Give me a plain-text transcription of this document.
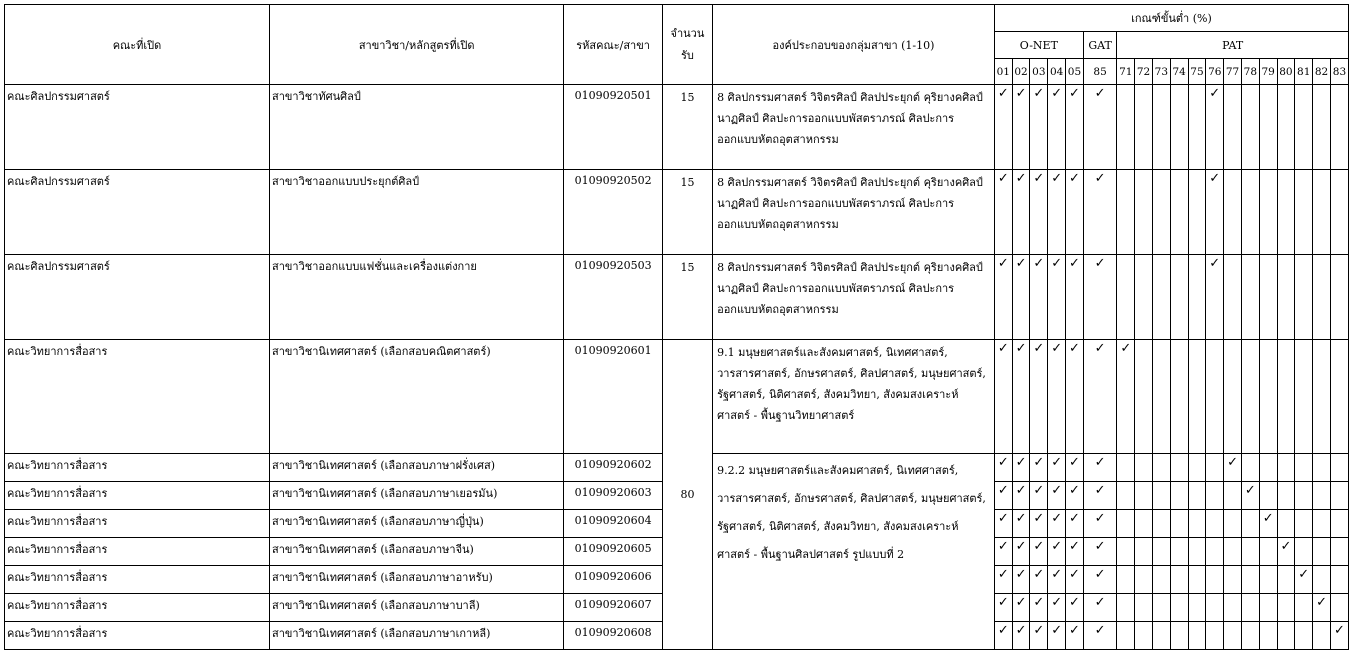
คณะที่เปิด	สาขาวิชา/หลักสูตรที่เปิด	รหัสคณะ/สาขา	จำนวน รับ	องค์ประกอบของกลุ่มสาขา (1-10)	เกณฑ์ขั้นต่ำ (%)																		
					O-NET					GAT	PAT												
					01	02	03	04	05	85	71	72	73	74	75	76	77	78	79	80	81	82	83
คณะศิลปกรรมศาสตร์	สาขาวิชาทัศนศิลป์	01090920501	15	8 ศิลปกรรมศาสตร์ วิจิตรศิลป์ ศิลปประยุกต์ คุริยางคศิลป์ นาฏศิลป์ ศิลปะการออกแบบพัสตราภรณ์ ศิลปะการออกแบบหัตถอุตสาหกรรม	✓	✓	✓	✓	✓	✓						✓							
คณะศิลปกรรมศาสตร์	สาขาวิชาออกแบบประยุกต์ศิลป์	01090920502	15	8 ศิลปกรรมศาสตร์ วิจิตรศิลป์ ศิลปประยุกต์ คุริยางคศิลป์ นาฏศิลป์ ศิลปะการออกแบบพัสตราภรณ์ ศิลปะการออกแบบหัตถอุตสาหกรรม	✓	✓	✓	✓	✓	✓						✓							
คณะศิลปกรรมศาสตร์	สาขาวิชาออกแบบแฟชั่นและเครื่องแต่งกาย	01090920503	15	8 ศิลปกรรมศาสตร์ วิจิตรศิลป์ ศิลปประยุกต์ คุริยางคศิลป์ นาฏศิลป์ ศิลปะการออกแบบพัสตราภรณ์ ศิลปะการออกแบบหัตถอุตสาหกรรม	✓	✓	✓	✓	✓	✓						✓							
คณะวิทยาการสื่อสาร	สาขาวิชานิเทศศาสตร์ (เลือกสอบคณิตศาสตร์)	01090920601	80	9.1 มนุษยศาสตร์และสังคมศาสตร์, นิเทศศาสตร์, วารสารศาสตร์, อักษรศาสตร์, ศิลปศาสตร์, มนุษยศาสตร์, รัฐศาสตร์, นิติศาสตร์, สังคมวิทยา, สังคมสงเคราะห์ศาสตร์ - พื้นฐานวิทยาศาสตร์	✓	✓	✓	✓	✓	✓	✓												
คณะวิทยาการสื่อสาร	สาขาวิชานิเทศศาสตร์ (เลือกสอบภาษาฝรั่งเศส)	01090920602		9.2.2 มนุษยศาสตร์และสังคมศาสตร์, นิเทศศาสตร์, วารสารศาสตร์, อักษรศาสตร์, ศิลปศาสตร์, มนุษยศาสตร์, รัฐศาสตร์, นิติศาสตร์, สังคมวิทยา, สังคมสงเคราะห์ศาสตร์ - พื้นฐานศิลปศาสตร์ รูปแบบที่ 2	✓	✓	✓	✓	✓	✓							✓						
คณะวิทยาการสื่อสาร	สาขาวิชานิเทศศาสตร์ (เลือกสอบภาษาเยอรมัน)	01090920603			✓	✓	✓	✓	✓	✓								✓					
คณะวิทยาการสื่อสาร	สาขาวิชานิเทศศาสตร์ (เลือกสอบภาษาญี่ปุ่น)	01090920604			✓	✓	✓	✓	✓	✓									✓				
คณะวิทยาการสื่อสาร	สาขาวิชานิเทศศาสตร์ (เลือกสอบภาษาจีน)	01090920605			✓	✓	✓	✓	✓	✓										✓			
คณะวิทยาการสื่อสาร	สาขาวิชานิเทศศาสตร์ (เลือกสอบภาษาอาหรับ)	01090920606			✓	✓	✓	✓	✓	✓											✓		
คณะวิทยาการสื่อสาร	สาขาวิชานิเทศศาสตร์ (เลือกสอบภาษาบาลี)	01090920607			✓	✓	✓	✓	✓	✓												✓	
คณะวิทยาการสื่อสาร	สาขาวิชานิเทศศาสตร์ (เลือกสอบภาษาเกาหลี)	01090920608			✓	✓	✓	✓	✓	✓													✓
